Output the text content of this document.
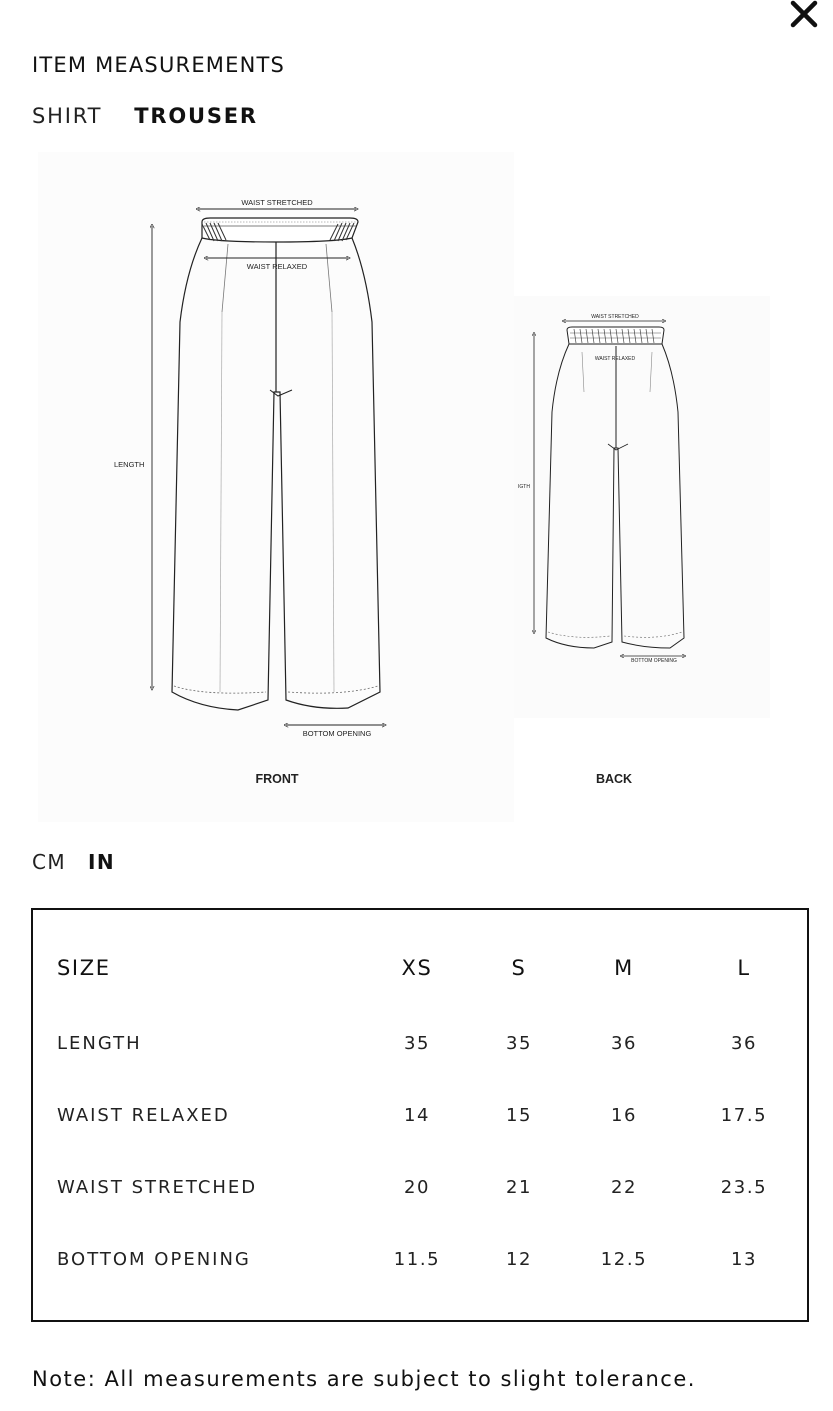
ITEM MEASUREMENTS
SHIRT TROUSER
WAIST STRETCHED
WAIST RELAXED
LENGTH
BOTTOM OPENING
FRONT
WAIST STRETCHED
WAIST RELAXED
IGTH
BOTTOM OPENING
BACK
CM IN
SIZE	XS	S	M	L
LENGTH	35	35	36	36
WAIST RELAXED	14	15	16	17.5
WAIST STRETCHED	20	21	22	23.5
BOTTOM OPENING	11.5	12	12.5	13
Note: All measurements are subject to slight tolerance.
